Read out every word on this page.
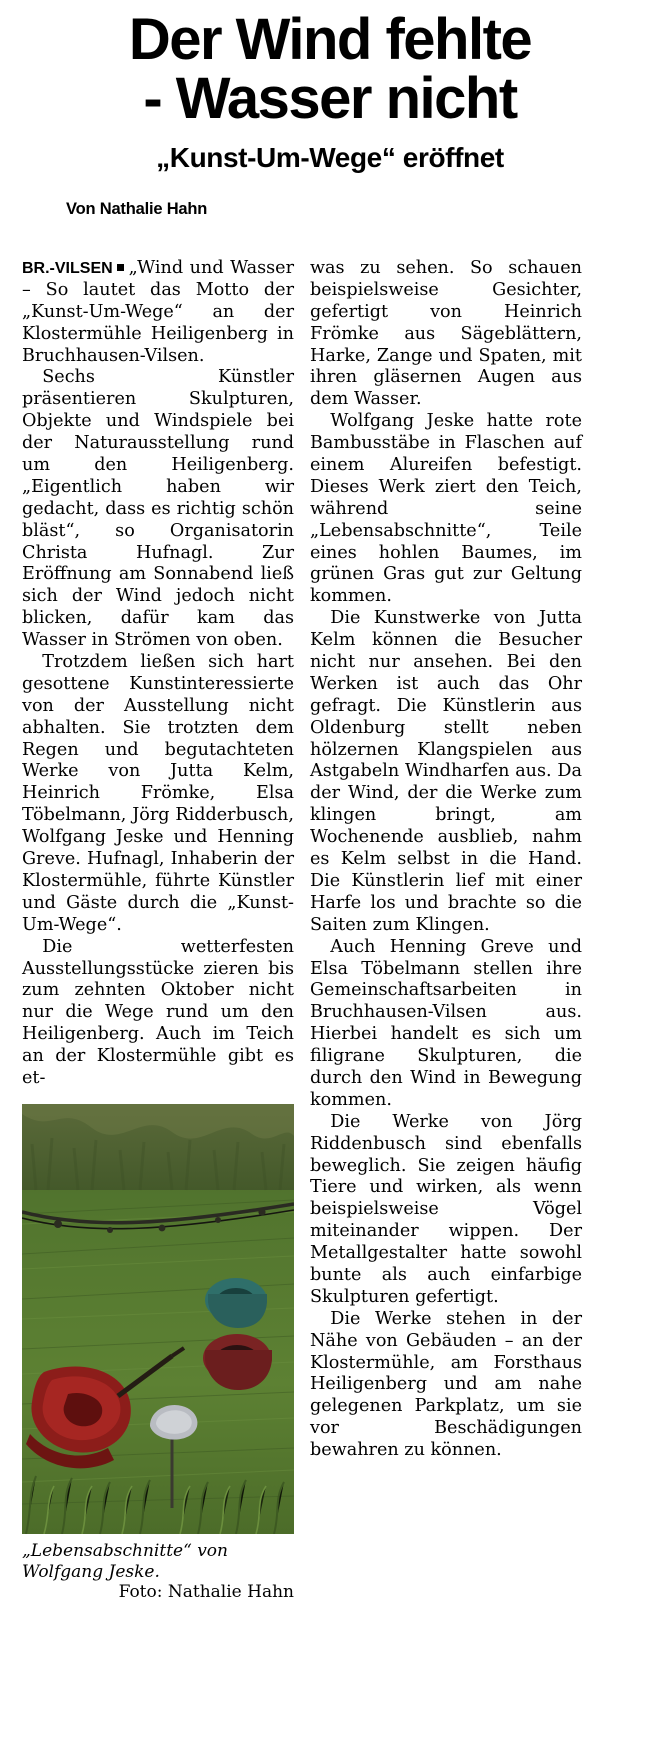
Der Wind fehlte
- Wasser nicht
„Kunst-Um-Wege“ eröffnet
Von Nathalie Hahn

BR.-VILSEN „Wind und Wasser – So lautet das Motto der „Kunst-Um-Wege“ an der Klostermühle Heiligenberg in Bruchhausen-Vilsen.

Sechs Künstler präsentieren Skulpturen, Objekte und Windspiele bei der Naturausstellung rund um den Heiligenberg. „Eigentlich haben wir gedacht, dass es richtig schön bläst“, so Organisatorin Christa Hufnagl. Zur Eröffnung am Sonnabend ließ sich der Wind jedoch nicht blicken, dafür kam das Wasser in Strömen von oben.

Trotzdem ließen sich hart gesottene Kunstinteressierte von der Ausstellung nicht abhalten. Sie trotzten dem Regen und begutachteten Werke von Jutta Kelm, Heinrich Frömke, Elsa Töbelmann, Jörg Ridderbusch, Wolfgang Jeske und Henning Greve. Hufnagl, Inhaberin der Klostermühle, führte Künstler und Gäste durch die „Kunst-Um-Wege“.

Die wetterfesten Ausstellungsstücke zieren bis zum zehnten Oktober nicht nur die Wege rund um den Heiligenberg. Auch im Teich an der Klostermühle gibt es et-

„Lebensabschnitte“ von Wolfgang Jeske.
Foto: Nathalie Hahn

was zu sehen. So schauen beispielsweise Gesichter, gefertigt von Heinrich Frömke aus Sägeblättern, Harke, Zange und Spaten, mit ihren gläsernen Augen aus dem Wasser.

Wolfgang Jeske hatte rote Bambusstäbe in Flaschen auf einem Alureifen befestigt. Dieses Werk ziert den Teich, während seine „Lebensabschnitte“, Teile eines hohlen Baumes, im grünen Gras gut zur Geltung kommen.

Die Kunstwerke von Jutta Kelm können die Besucher nicht nur ansehen. Bei den Werken ist auch das Ohr gefragt. Die Künstlerin aus Oldenburg stellt neben hölzernen Klangspielen aus Astgabeln Windharfen aus. Da der Wind, der die Werke zum klingen bringt, am Wochenende ausblieb, nahm es Kelm selbst in die Hand. Die Künstlerin lief mit einer Harfe los und brachte so die Saiten zum Klingen.

Auch Henning Greve und Elsa Töbelmann stellen ihre Gemeinschaftsarbeiten in Bruchhausen-Vilsen aus. Hierbei handelt es sich um filigrane Skulpturen, die durch den Wind in Bewegung kommen.

Die Werke von Jörg Riddenbusch sind ebenfalls beweglich. Sie zeigen häufig Tiere und wirken, als wenn beispielsweise Vögel miteinander wippen. Der Metallgestalter hatte sowohl bunte als auch einfarbige Skulpturen gefertigt.

Die Werke stehen in der Nähe von Gebäuden – an der Klostermühle, am Forsthaus Heiligenberg und am nahe gelegenen Parkplatz, um sie vor Beschädigungen bewahren zu können.
